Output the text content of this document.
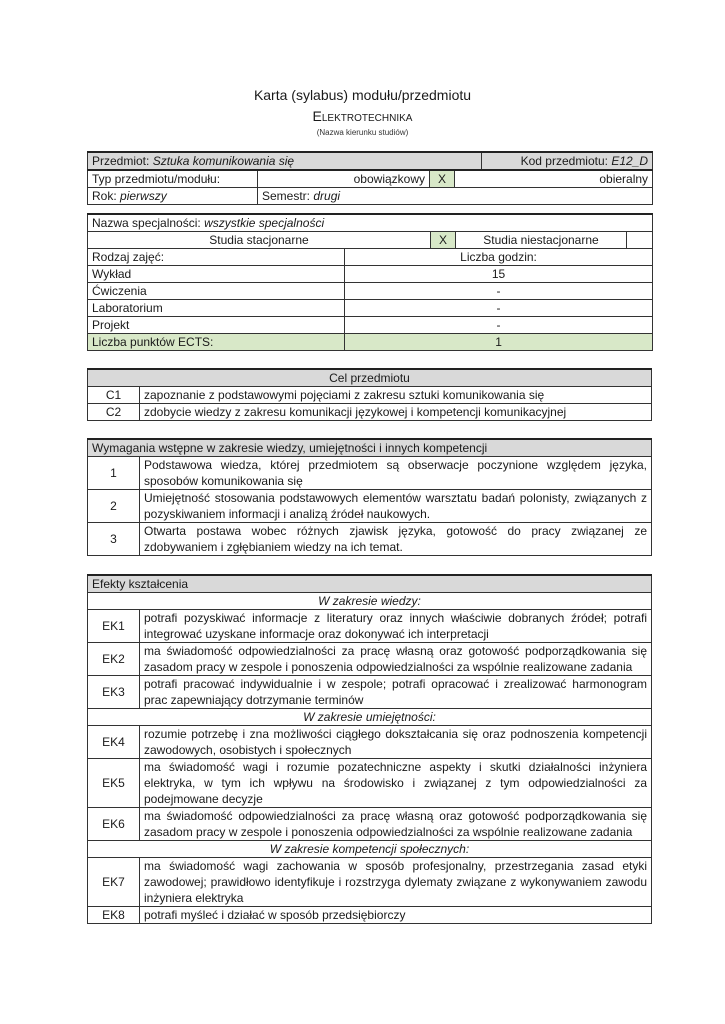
Karta (sylabus) modułu/przedmiotu
Elektrotechnika
(Nazwa kierunku studiów)
Przedmiot: Sztuka komunikowania się				Kod przedmiotu: E12_D
Typ przedmiotu/modułu:	obowiązkowy	X	obieralny	
Rok: pierwszy	Semestr: drugi			
Nazwa specjalności: wszystkie specjalności				
Studia stacjonarne		X	Studia niestacjonarne	
Rodzaj zajęć:	Liczba godzin:			
Wykład	15			
Ćwiczenia	-			
Laboratorium	-			
Projekt	-			
Liczba punktów ECTS:	1			
Cel przedmiotu	
C1	zapoznanie z podstawowymi pojęciami z zakresu sztuki komunikowania się
C2	zdobycie wiedzy z zakresu komunikacji językowej i kompetencji komunikacyjnej
Wymagania wstępne w zakresie wiedzy, umiejętności i innych kompetencji	
1	Podstawowa wiedza, której przedmiotem są obserwacje poczynione względem języka, sposobów komunikowania się
2	Umiejętność stosowania podstawowych elementów warsztatu badań polonisty, związanych z pozyskiwaniem informacji i analizą źródeł naukowych.
3	Otwarta postawa wobec różnych zjawisk języka, gotowość do pracy związanej ze zdobywaniem i zgłębianiem wiedzy na ich temat.
Efekty kształcenia	
W zakresie wiedzy:	
EK1	potrafi pozyskiwać informacje z literatury oraz innych właściwie dobranych źródeł; potrafi integrować uzyskane informacje oraz dokonywać ich interpretacji
EK2	ma świadomość odpowiedzialności za pracę własną oraz gotowość podporządkowania się zasadom pracy w zespole i ponoszenia odpowiedzialności za wspólnie realizowane zadania
EK3	potrafi pracować indywidualnie i w zespole; potrafi opracować i zrealizować harmonogram prac zapewniający dotrzymanie terminów
W zakresie umiejętności:	
EK4	rozumie potrzebę i zna możliwości ciągłego dokształcania się oraz podnoszenia kompetencji zawodowych, osobistych i społecznych
EK5	ma świadomość wagi i rozumie pozatechniczne aspekty i skutki działalności inżyniera elektryka, w tym ich wpływu na środowisko i związanej z tym odpowiedzialności za podejmowane decyzje
EK6	ma świadomość odpowiedzialności za pracę własną oraz gotowość podporządkowania się zasadom pracy w zespole i ponoszenia odpowiedzialności za wspólnie realizowane zadania
W zakresie kompetencji społecznych:	
EK7	ma świadomość wagi zachowania w sposób profesjonalny, przestrzegania zasad etyki zawodowej; prawidłowo identyfikuje i rozstrzyga dylematy związane z wykonywaniem zawodu inżyniera elektryka
EK8	potrafi myśleć i działać w sposób przedsiębiorczy
